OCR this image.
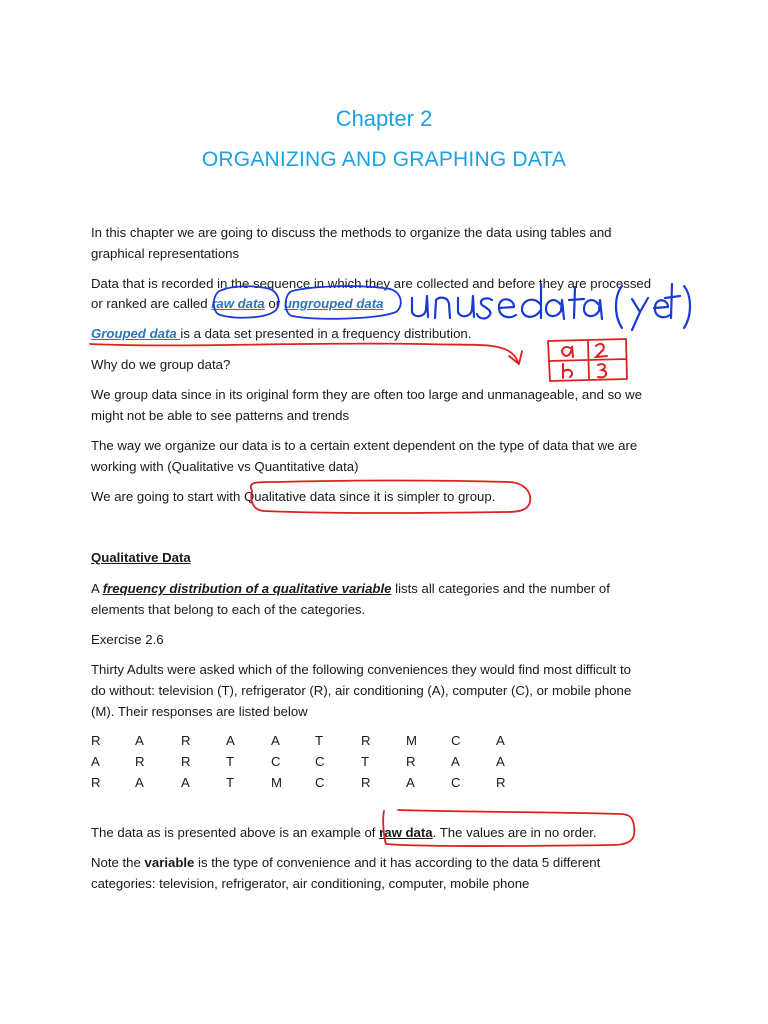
Chapter 2
ORGANIZING AND GRAPHING DATA
In this chapter we are going to discuss the methods to organize the data using tables and
graphical representations
Data that is recorded in the sequence in which they are collected and before they are processed
or ranked are called raw data or ungrouped data
Grouped data is a data set presented in a frequency distribution.
Why do we group data?
We group data since in its original form they are often too large and unmanageable, and so we
might not be able to see patterns and trends
The way we organize our data is to a certain extent dependent on the type of data that we are
working with (Qualitative vs Quantitative data)
We are going to start with Qualitative data since it is simpler to group.
Qualitative Data
A frequency distribution of a qualitative variable lists all categories and the number of
elements that belong to each of the categories.
Exercise 2.6
Thirty Adults were asked which of the following conveniences they would find most difficult to
do without: television (T), refrigerator (R), air conditioning (A), computer (C), or mobile phone
(M). Their responses are listed below
R	A	R	A	A	T	R	M	C	A
A	R	R	T	C	C	T	R	A	A
R	A	A	T	M	C	R	A	C	R
The data as is presented above is an example of raw data. The values are in no order.
Note the variable is the type of convenience and it has according to the data 5 different
categories: television, refrigerator, air conditioning, computer, mobile phone
